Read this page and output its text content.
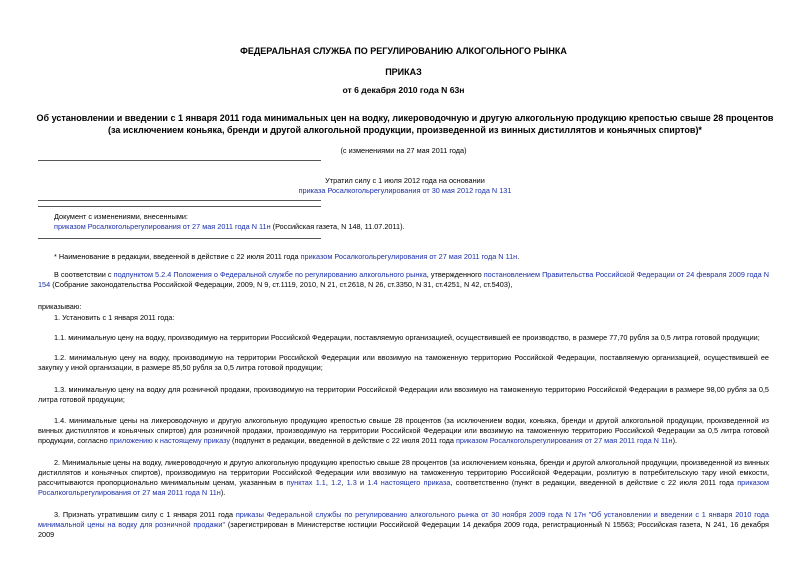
ФЕДЕРАЛЬНАЯ СЛУЖБА ПО РЕГУЛИРОВАНИЮ АЛКОГОЛЬНОГО РЫНКА
ПРИКАЗ
от 6 декабря 2010 года N 63н
Об установлении и введении с 1 января 2011 года минимальных цен на водку, ликероводочную и другую алкогольную продукцию крепостью свыше 28 процентов
(за исключением коньяка, бренди и другой алкогольной продукции, произведенной из винных дистиллятов и коньячных спиртов)*
(с изменениями на 27 мая 2011 года)
Утратил силу с 1 июля 2012 года на основании
приказа Росалкогольрегулирования от 30 мая 2012 года N 131
Документ с изменениями, внесенными:
приказом Росалкогольрегулирования от 27 мая 2011 года N 11н (Российская газета, N 148, 11.07.2011).
* Наименование в редакции, введенной в действие с 22 июля 2011 года приказом Росалкогольрегулирования от 27 мая 2011 года N 11н.
В соответствии с подпунктом 5.2.4 Положения о Федеральной службе по регулированию алкогольного рынка, утвержденного постановлением Правительства Российской Федерации от 24 февраля 2009 года N 154 (Собрание законодательства Российской Федерации, 2009, N 9, ст.1119, 2010, N 21, ст.2618, N 26, ст.3350, N 31, ст.4251, N 42, ст.5403),
приказываю:
1. Установить с 1 января 2011 года:
1.1. минимальную цену на водку, производимую на территории Российской Федерации, поставляемую организацией, осуществившей ее производство, в размере 77,70 рубля за 0,5 литра готовой продукции;
1.2. минимальную цену на водку, производимую на территории Российской Федерации или ввозимую на таможенную территорию Российской Федерации, поставляемую организацией, осуществившей ее закупку у иной организации, в размере 85,50 рубля за 0,5 литра готовой продукции;
1.3. минимальную цену на водку для розничной продажи, производимую на территории Российской Федерации или ввозимую на таможенную территорию Российской Федерации в размере 98,00 рубля за 0,5 литра готовой продукции;
1.4. минимальные цены на ликероводочную и другую алкогольную продукцию крепостью свыше 28 процентов (за исключением водки, коньяка, бренди и другой алкогольной продукции, произведенной из винных дистиллятов и коньячных спиртов) для розничной продажи, производимую на территории Российской Федерации или ввозимую на таможенную территорию Российской Федерации за 0,5 литра готовой продукции, согласно приложению к настоящему приказу (подпункт в редакции, введенной в действие с 22 июля 2011 года приказом Росалкогольрегулирования от 27 мая 2011 года N 11н).
2. Минимальные цены на водку, ликероводочную и другую алкогольную продукцию крепостью свыше 28 процентов (за исключением коньяка, бренди и другой алкогольной продукции, произведенной из винных дистиллятов и коньячных спиртов), производимую на территории Российской Федерации или ввозимую на таможенную территорию Российской Федерации, розлитую в потребительскую тару иной емкости, рассчитываются пропорционально минимальным ценам, указанным в пунктах 1.1, 1.2, 1.3 и 1.4 настоящего приказа, соответственно (пункт в редакции, введенной в действие с 22 июля 2011 года приказом Росалкогольрегулирования от 27 мая 2011 года N 11н).
3. Признать утратившим силу с 1 января 2011 года приказы Федеральной службы по регулированию алкогольного рынка от 30 ноября 2009 года N 17н "Об установлении и введении с 1 января 2010 года минимальной цены на водку для розничной продажи" (зарегистрирован в Министерстве юстиции Российской Федерации 14 декабря 2009 года, регистрационный N 15563; Российская газета, N 241, 16 декабря 2009
